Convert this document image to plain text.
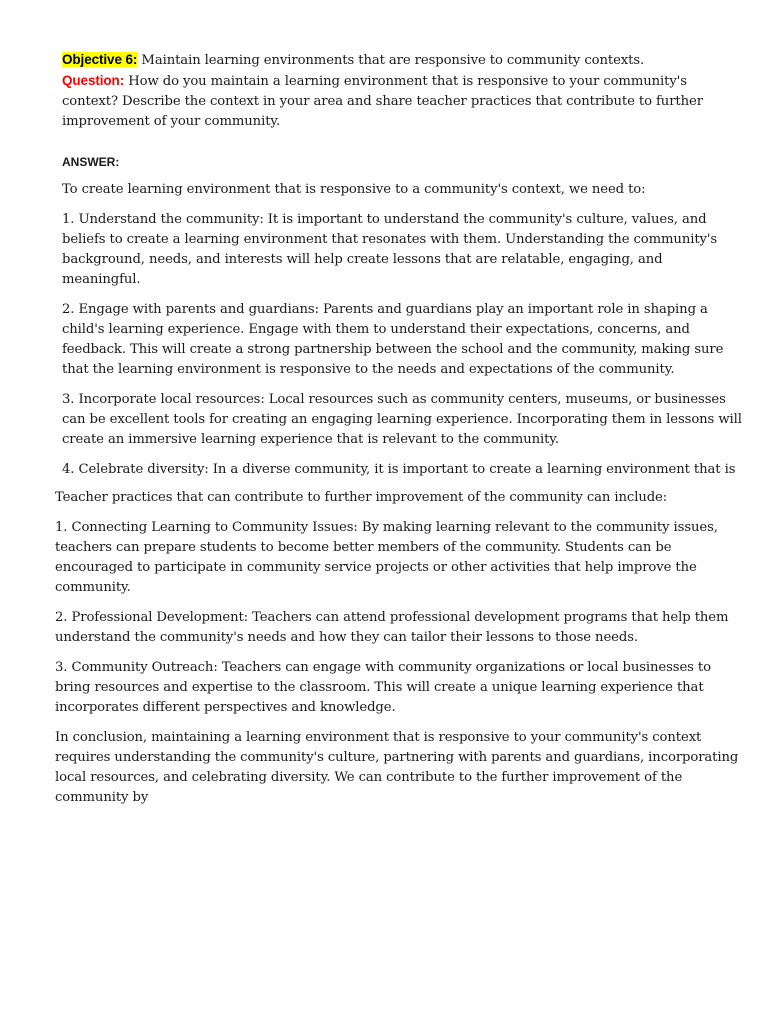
Objective 6: Maintain learning environments that are responsive to community contexts.

Question: How do you maintain a learning environment that is responsive to your community's context? Describe the context in your area and share teacher practices that contribute to further improvement of your community.

ANSWER:

To create learning environment that is responsive to a community's context, we need to:

1. Understand the community: It is important to understand the community's culture, values, and beliefs to create a learning environment that resonates with them. Understanding the community's background, needs, and interests will help create lessons that are relatable, engaging, and meaningful.

2. Engage with parents and guardians: Parents and guardians play an important role in shaping a child's learning experience. Engage with them to understand their expectations, concerns, and feedback. This will create a strong partnership between the school and the community, making sure that the learning environment is responsive to the needs and expectations of the community.

3. Incorporate local resources: Local resources such as community centers, museums, or businesses can be excellent tools for creating an engaging learning experience. Incorporating them in lessons will create an immersive learning experience that is relevant to the community.

4. Celebrate diversity: In a diverse community, it is important to create a learning environment that is

Teacher practices that can contribute to further improvement of the community can include:

1. Connecting Learning to Community Issues: By making learning relevant to the community issues, teachers can prepare students to become better members of the community. Students can be encouraged to participate in community service projects or other activities that help improve the community.

2. Professional Development: Teachers can attend professional development programs that help them understand the community's needs and how they can tailor their lessons to those needs.

3. Community Outreach: Teachers can engage with community organizations or local businesses to bring resources and expertise to the classroom. This will create a unique learning experience that incorporates different perspectives and knowledge.

In conclusion, maintaining a learning environment that is responsive to your community's context requires understanding the community's culture, partnering with parents and guardians, incorporating local resources, and celebrating diversity. We can contribute to the further improvement of the community by
